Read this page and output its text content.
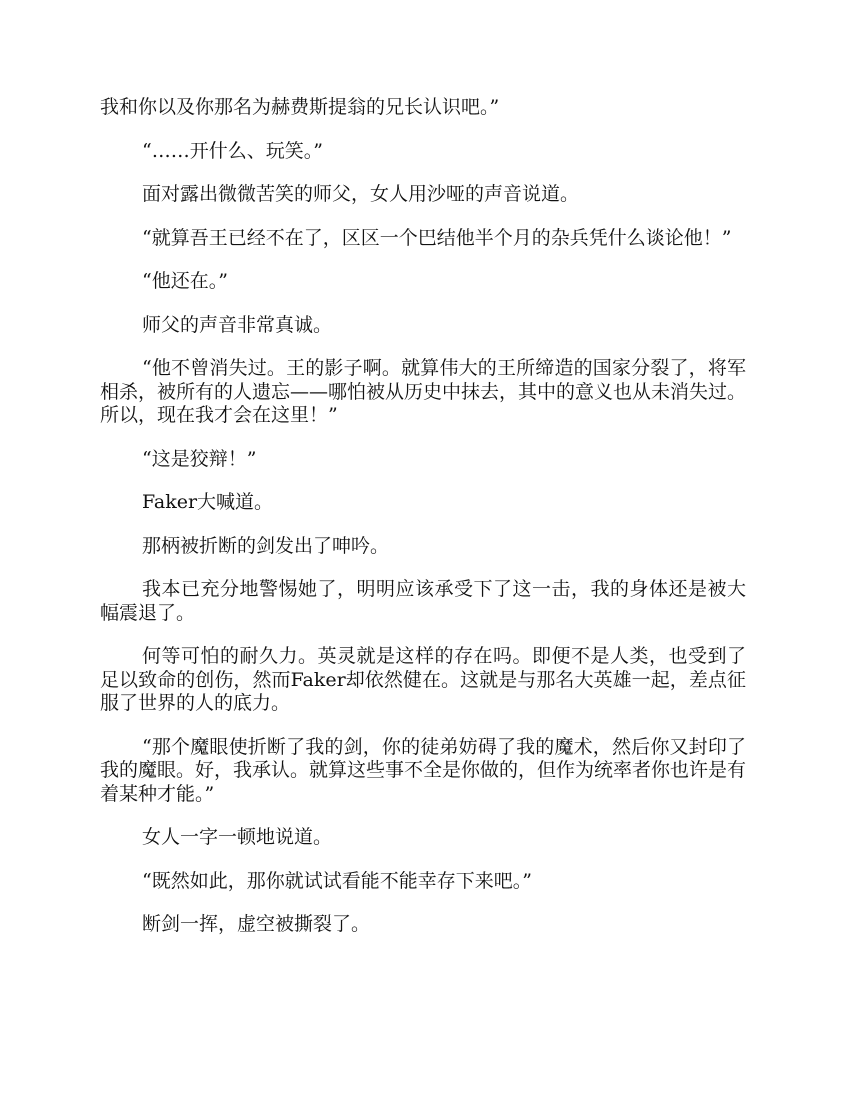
我和你以及你那名为赫费斯提翁的兄长认识吧。”

“……开什么、玩笑。”

面对露出微微苦笑的师父，女人用沙哑的声音说道。

“就算吾王已经不在了，区区一个巴结他半个月的杂兵凭什么谈论他！”

“他还在。”

师父的声音非常真诚。

“他不曾消失过。王的影子啊。就算伟大的王所缔造的国家分裂了，将军相杀，被所有的人遗忘——哪怕被从历史中抹去，其中的意义也从未消失过。所以，现在我才会在这里！”

“这是狡辩！”

Faker大喊道。

那柄被折断的剑发出了呻吟。

我本已充分地警惕她了，明明应该承受下了这一击，我的身体还是被大幅震退了。

何等可怕的耐久力。英灵就是这样的存在吗。即便不是人类，也受到了足以致命的创伤，然而Faker却依然健在。这就是与那名大英雄一起，差点征服了世界的人的底力。

“那个魔眼使折断了我的剑，你的徒弟妨碍了我的魔术，然后你又封印了我的魔眼。好，我承认。就算这些事不全是你做的，但作为统率者你也许是有着某种才能。”

女人一字一顿地说道。

“既然如此，那你就试试看能不能幸存下来吧。”

断剑一挥，虚空被撕裂了。
